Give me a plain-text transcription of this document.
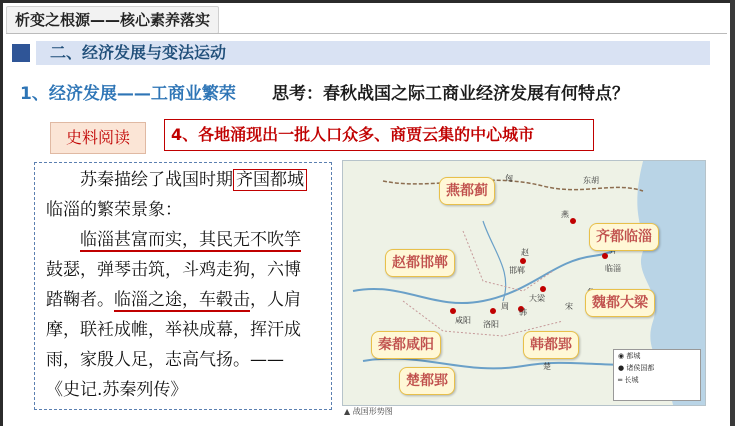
析变之根源——核心素养落实
二、经济发展与变法运动
1、经济发展——工商业繁荣 思考：春秋战国之际工商业经济发展有何特点？
史料阅读	4、各地涌现出一批人口众多、商贾云集的中心城市

　　苏秦描绘了战国时期 齐国都城

临淄的繁荣景象：

　　临淄甚富而实，其民无不吹竽

鼓瑟，弹琴击筑，斗鸡走狗，六博

踏鞠者。临淄之途，车毂击，人肩

摩，联衽成帷，举袂成幕，挥汗成

雨，家殷人足，志高气扬。——

《史记.苏秦列传》

匈	东胡
燕
赵
临淄
邯郸
咸阳 洛阳
大梁
韩
周	宋
楚
燕都蓟
赵都邯郸
齐都临淄
魏都大梁
秦都咸阳	韩都郢
楚都郢
◉ 都城
● 诸侯国都
═ 长城
▲ 战国形势图
